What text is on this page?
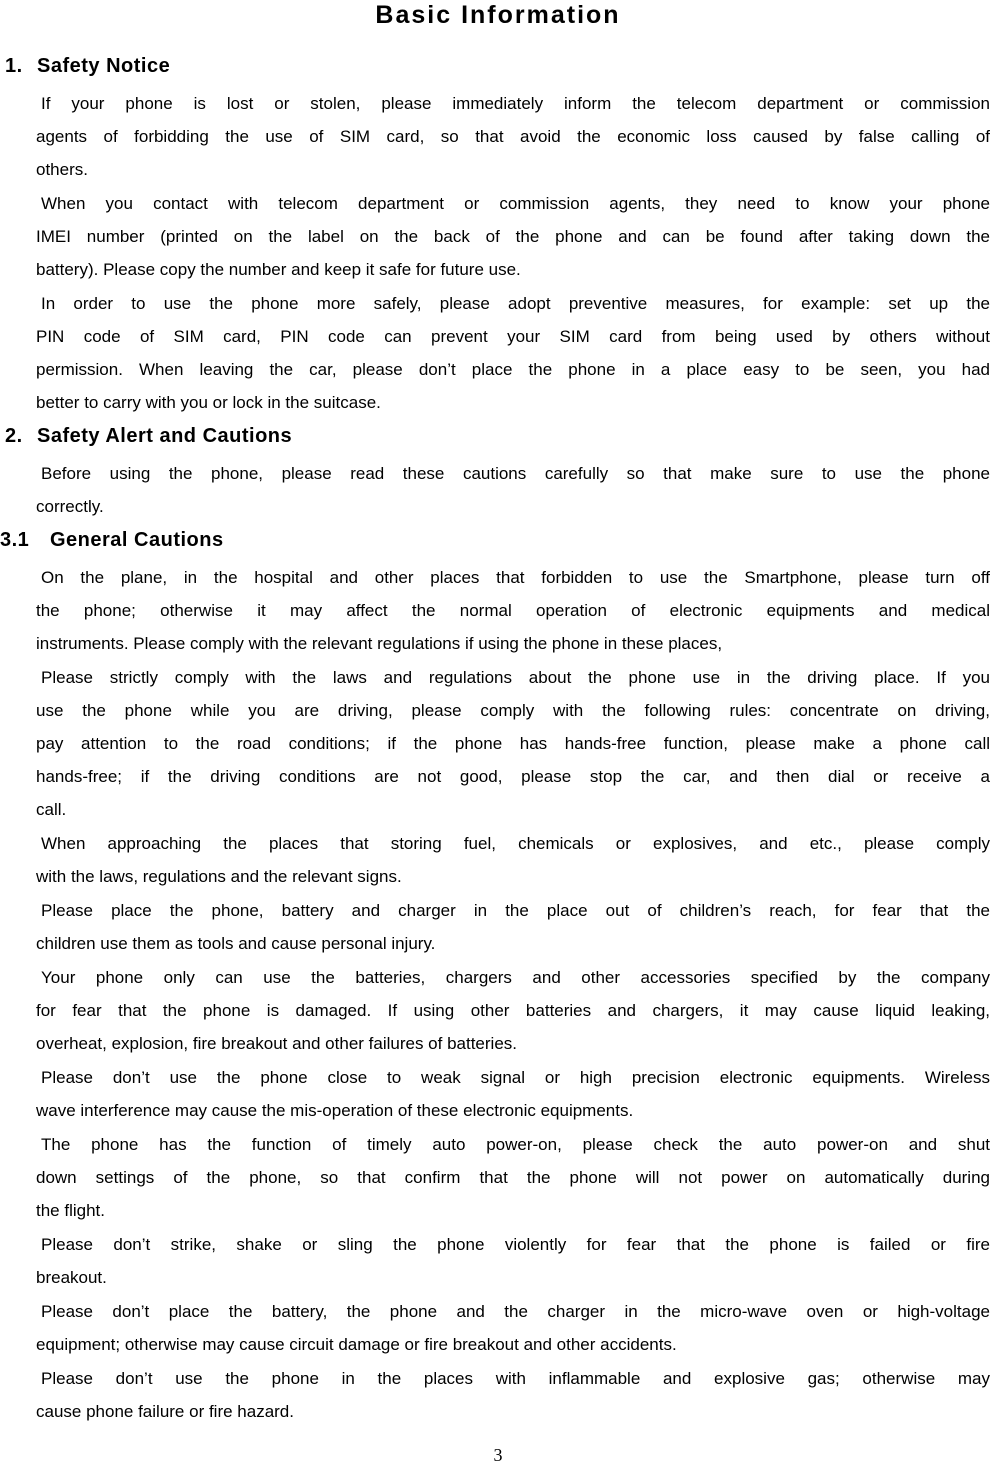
Basic Information
1. Safety Notice
If your phone is lost or stolen, please immediately inform the telecom department or commission
agents of forbidding the use of SIM card, so that avoid the economic loss caused by false calling of
others.
When you contact with telecom department or commission agents, they need to know your phone
IMEI number (printed on the label on the back of the phone and can be found after taking down the
battery). Please copy the number and keep it safe for future use.
In order to use the phone more safely, please adopt preventive measures, for example: set up the
PIN code of SIM card, PIN code can prevent your SIM card from being used by others without
permission. When leaving the car, please don’t place the phone in a place easy to be seen, you had
better to carry with you or lock in the suitcase.
2. Safety Alert and Cautions
Before using the phone, please read these cautions carefully so that make sure to use the phone
correctly.
3.1	General Cautions
On the plane, in the hospital and other places that forbidden to use the Smartphone, please turn off
the phone; otherwise it may affect the normal operation of electronic equipments and medical
instruments. Please comply with the relevant regulations if using the phone in these places,
Please strictly comply with the laws and regulations about the phone use in the driving place. If you
use the phone while you are driving, please comply with the following rules: concentrate on driving,
pay attention to the road conditions; if the phone has hands-free function, please make a phone call
hands-free; if the driving conditions are not good, please stop the car, and then dial or receive a
call.
When approaching the places that storing fuel, chemicals or explosives, and etc., please comply
with the laws, regulations and the relevant signs.
Please place the phone, battery and charger in the place out of children’s reach, for fear that the
children use them as tools and cause personal injury.
Your phone only can use the batteries, chargers and other accessories specified by the company
for fear that the phone is damaged. If using other batteries and chargers, it may cause liquid leaking,
overheat, explosion, fire breakout and other failures of batteries.
Please don’t use the phone close to weak signal or high precision electronic equipments. Wireless
wave interference may cause the mis-operation of these electronic equipments.
The phone has the function of timely auto power-on, please check the auto power-on and shut
down settings of the phone, so that confirm that the phone will not power on automatically during
the flight.
Please don’t strike, shake or sling the phone violently for fear that the phone is failed or fire
breakout.
Please don’t place the battery, the phone and the charger in the micro-wave oven or high-voltage
equipment; otherwise may cause circuit damage or fire breakout and other accidents.
Please don’t use the phone in the places with inflammable and explosive gas; otherwise may
cause phone failure or fire hazard.
3
